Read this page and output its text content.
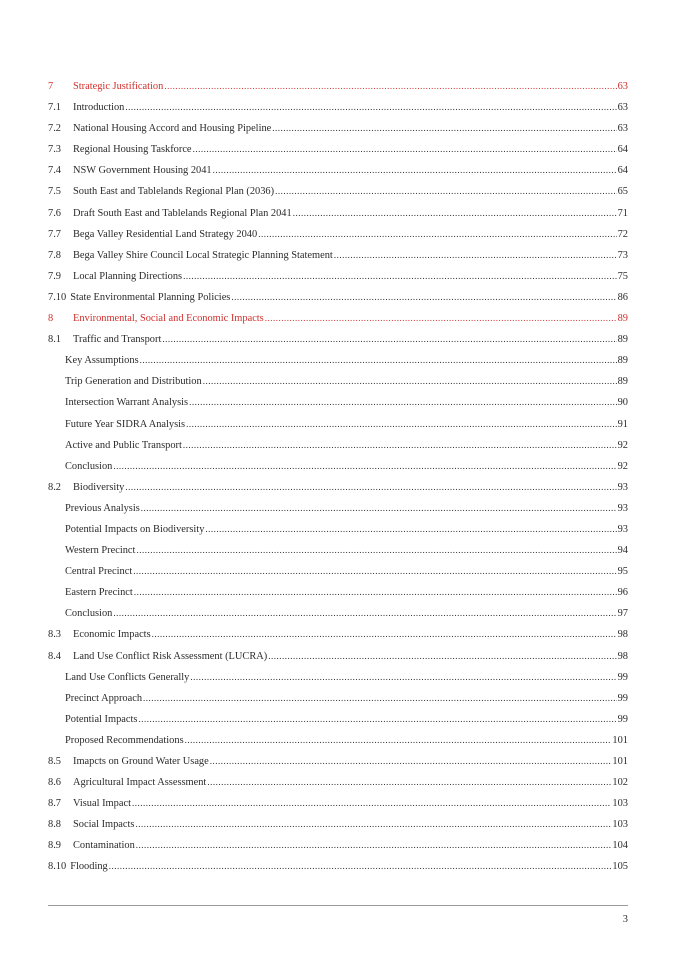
7	Strategic Justification .....	63
7.1	Introduction .....	63
7.2	National Housing Accord and Housing Pipeline .....	63
7.3	Regional Housing Taskforce .....	64
7.4	NSW Government Housing 2041 .....	64
7.5	South East and Tablelands Regional Plan (2036) .....	65
7.6	Draft South East and Tablelands Regional Plan 2041 .....	71
7.7	Bega Valley Residential Land Strategy 2040 .....	72
7.8	Bega Valley Shire Council Local Strategic Planning Statement .....	73
7.9	Local Planning Directions .....	75
7.10 State Environmental Planning Policies .....	86
8	Environmental, Social and Economic Impacts .....	89
8.1	Traffic and Transport .....	89
Key Assumptions .....	89
Trip Generation and Distribution .....	89
Intersection Warrant Analysis .....	90
Future Year SIDRA Analysis .....	91
Active and Public Transport .....	92
Conclusion .....	92
8.2	Biodiversity .....	93
Previous Analysis .....	93
Potential Impacts on Biodiversity .....	93
Western Precinct .....	94
Central Precinct .....	95
Eastern Precinct .....	96
Conclusion .....	97
8.3	Economic Impacts .....	98
8.4	Land Use Conflict Risk Assessment (LUCRA) .....	98
Land Use Conflicts Generally .....	99
Precinct Approach .....	99
Potential Impacts .....	99
Proposed Recommendations .....	101
8.5	Imapcts on Ground Water Usage .....	101
8.6	Agricultural Impact Assessment .....	102
8.7	Visual Impact .....	103
8.8	Social Impacts .....	103
8.9	Contamination .....	104
8.10 Flooding .....	105
3
